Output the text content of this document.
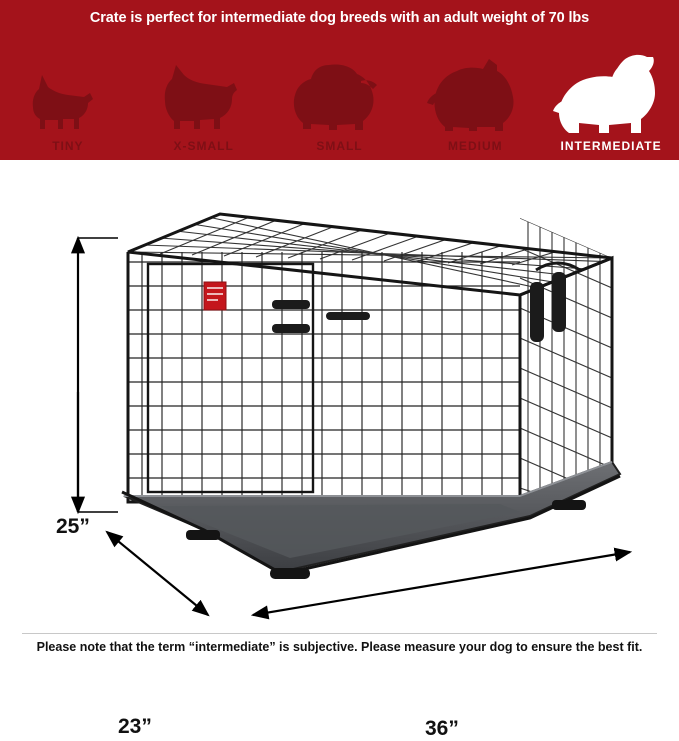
Crate is perfect for intermediate dog breeds with an adult weight of 70 lbs
TINY	X-SMALL	SMALL	MEDIUM	INTERMEDIATE
25”
23”	36”
Please note that the term “intermediate” is subjective. Please measure your dog to ensure the best fit.
